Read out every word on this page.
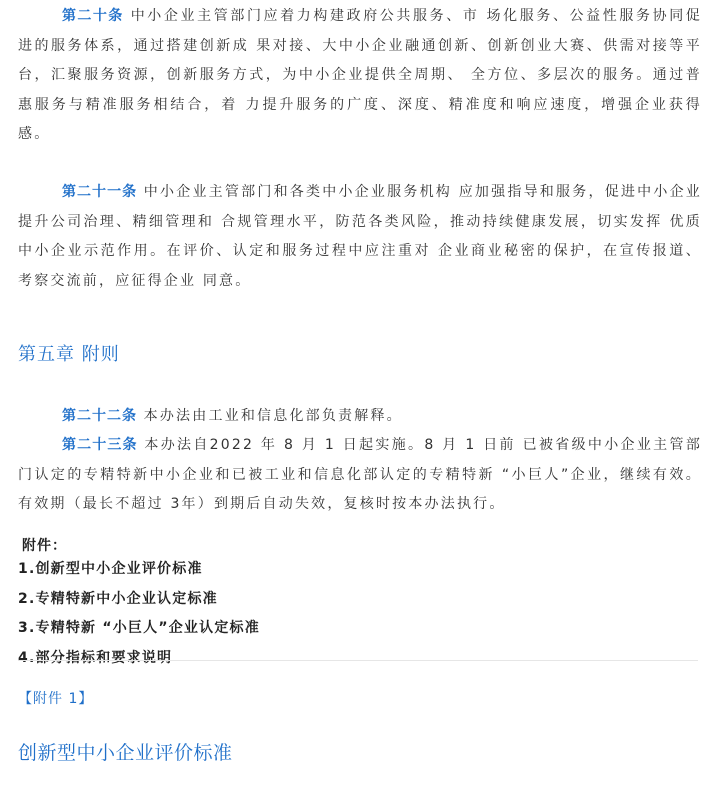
第二十条 中小企业主管部门应着力构建政府公共服务、市 场化服务、公益性服务协同促进的服务体系，通过搭建创新成 果对接、大中小企业融通创新、创新创业大赛、供需对接等平 台，汇聚服务资源，创新服务方式，为中小企业提供全周期、 全方位、多层次的服务。通过普惠服务与精准服务相结合，着 力提升服务的广度、深度、精准度和响应速度，增强企业获得感。

第二十一条 中小企业主管部门和各类中小企业服务机构 应加强指导和服务，促进中小企业提升公司治理、精细管理和 合规管理水平，防范各类风险，推动持续健康发展，切实发挥 优质中小企业示范作用。在评价、认定和服务过程中应注重对 企业商业秘密的保护，在宣传报道、考察交流前，应征得企业 同意。

第五章 附则

第二十二条 本办法由工业和信息化部负责解释。

第二十三条 本办法自2022 年 8 月 1 日起实施。8 月 1 日前 已被省级中小企业主管部门认定的专精特新中小企业和已被工业和信息化部认定的专精特新 “小巨人”企业，继续有效。有效期（最长不超过 3年）到期后自动失效，复核时按本办法执行。

附件：

1.创新型中小企业评价标准

2.专精特新中小企业认定标准

3.专精特新 “小巨人”企业认定标准

4.部分指标和要求说明

【附件 1】

创新型中小企业评价标准
